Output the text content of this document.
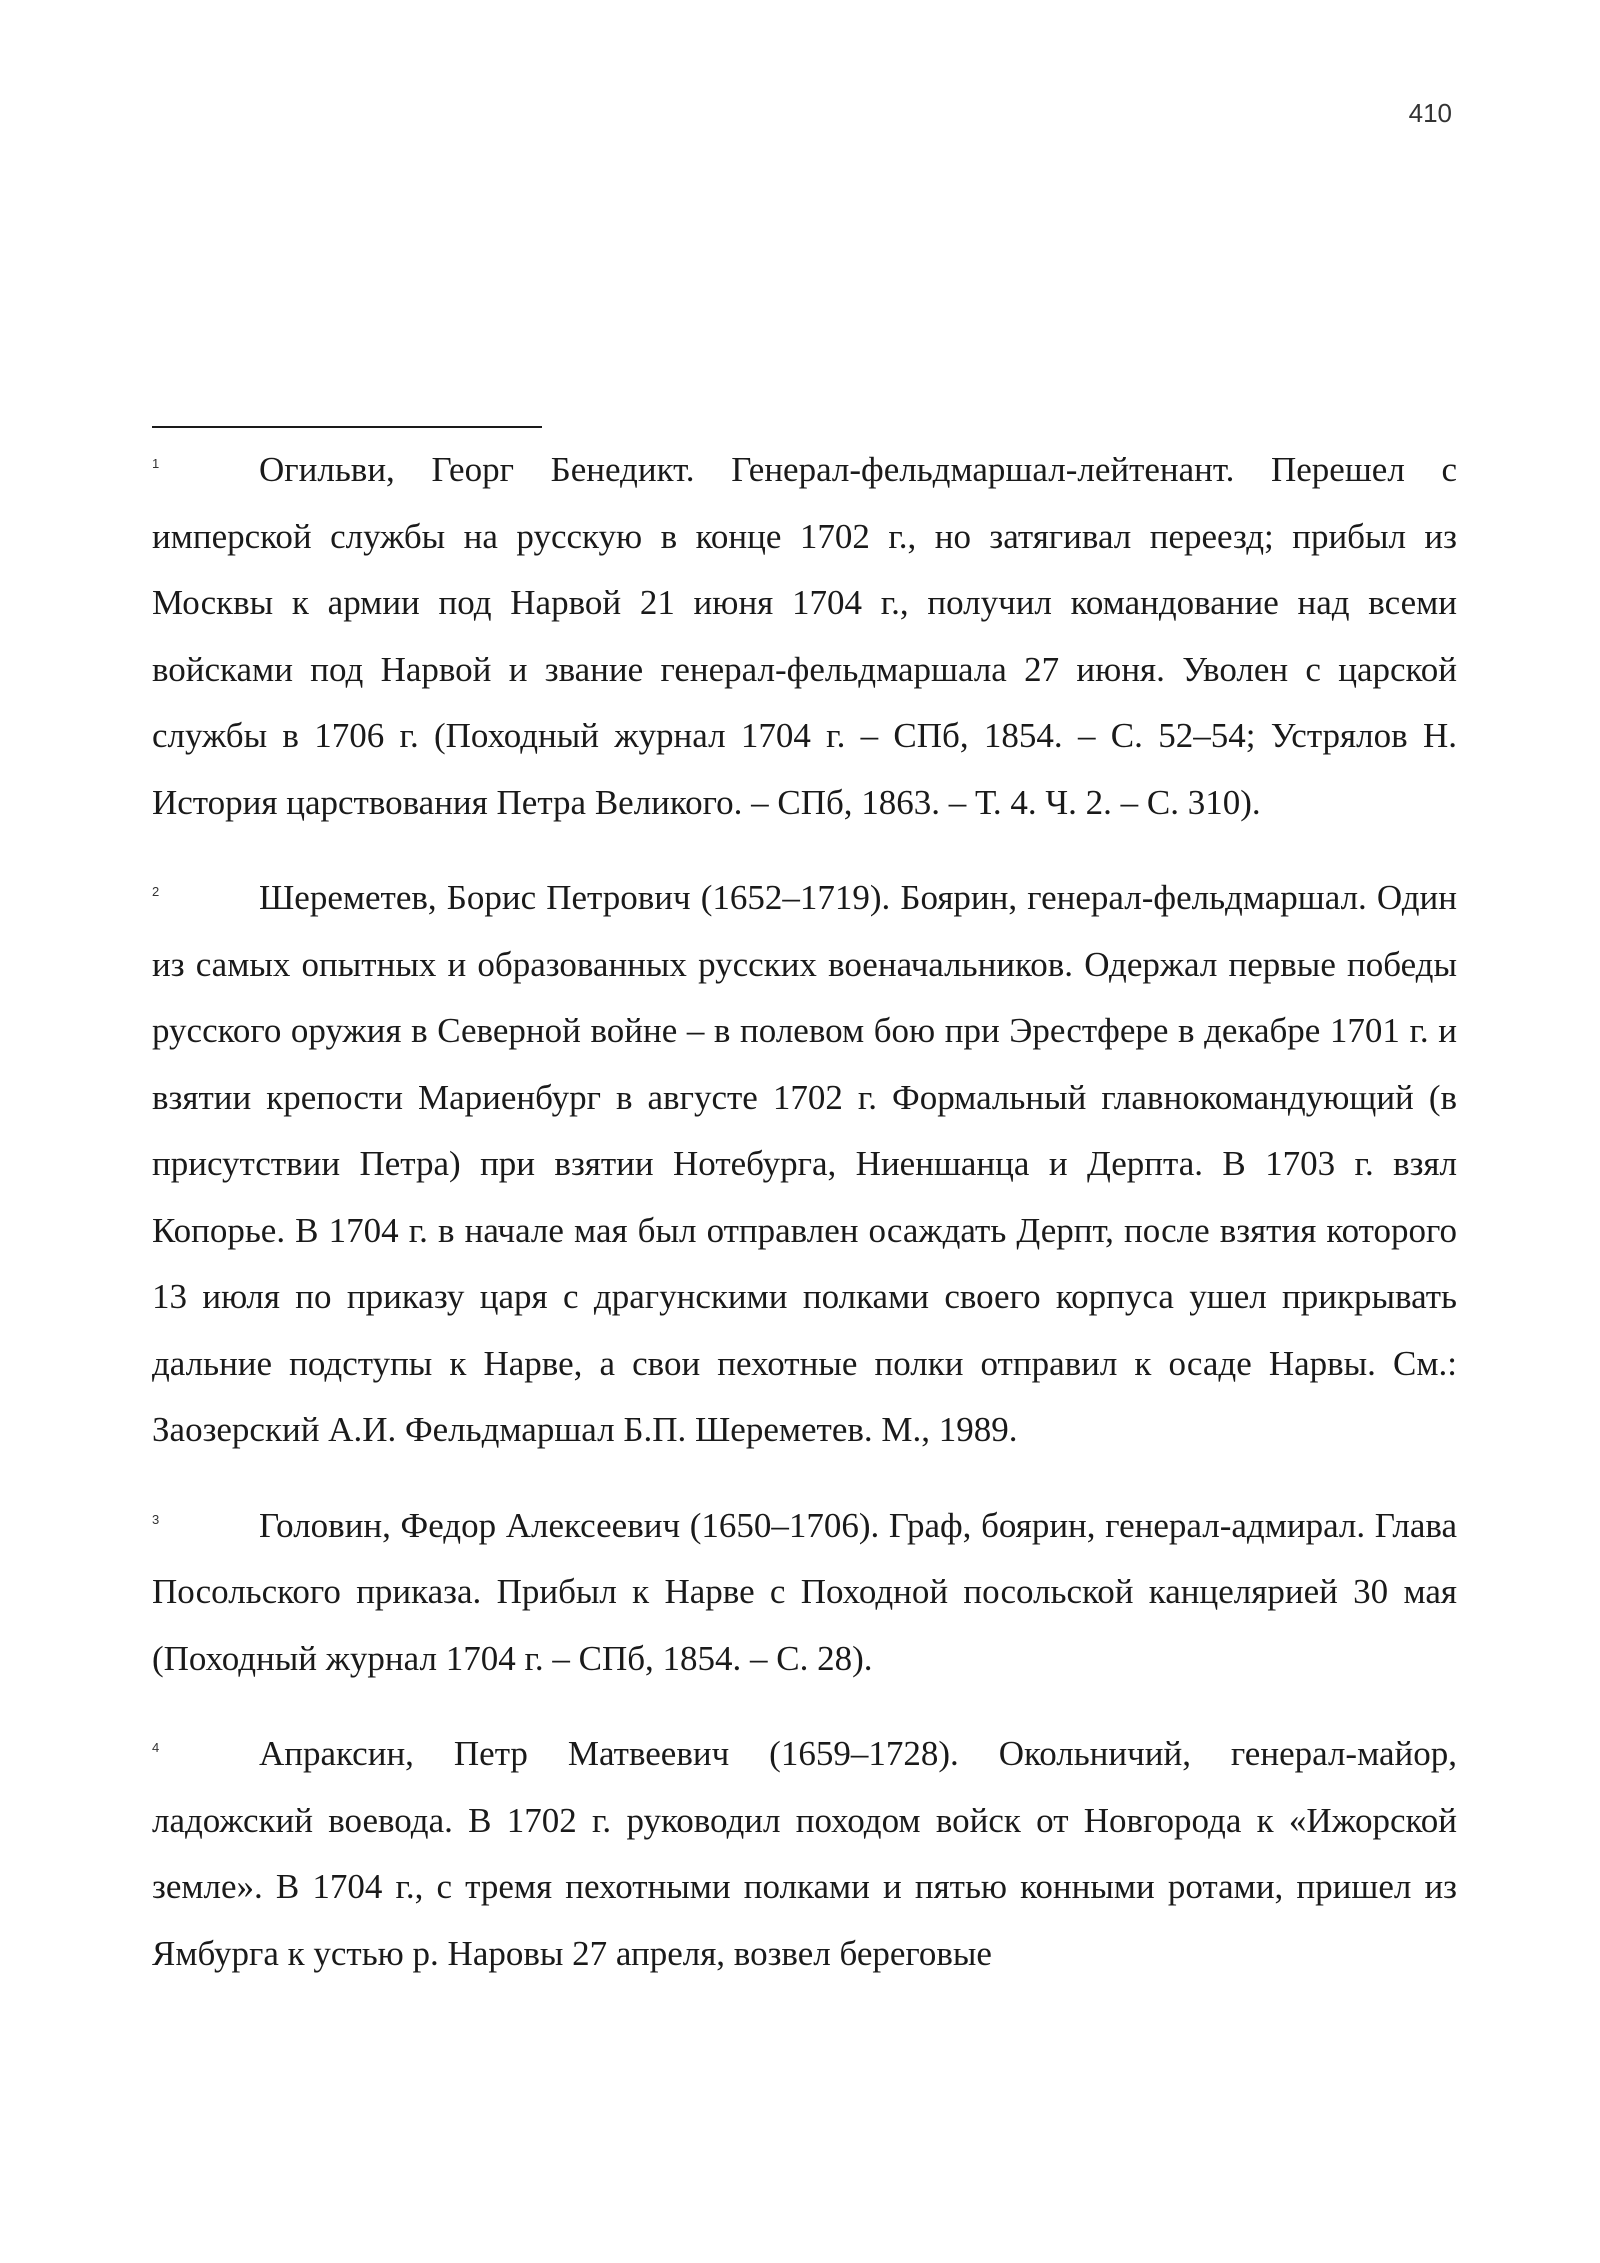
410

1	Огильви, Георг Бенедикт. Генерал-фельдмаршал-лейтенант. Перешел с имперской службы на русскую в конце 1702 г., но затягивал переезд; прибыл из Москвы к армии под Нарвой 21 июня 1704 г., получил командование над всеми войсками под Нарвой и звание генерал-фельдмаршала 27 июня. Уволен с царской службы в 1706 г. (Походный журнал 1704 г. – СПб, 1854. – С. 52–54; Устрялов Н. История царствования Петра Великого. – СПб, 1863. – Т. 4. Ч. 2. – С. 310).

2	Шереметев, Борис Петрович (1652–1719). Боярин, генерал-фельдмаршал. Один из самых опытных и образованных русских военачальников. Одержал первые победы русского оружия в Северной войне – в полевом бою при Эрестфере в декабре 1701 г. и взятии крепости Мариенбург в августе 1702 г. Формальный главнокомандующий (в присутствии Петра) при взятии Нотебурга, Ниеншанца и Дерпта. В 1703 г. взял Копорье. В 1704 г. в начале мая был отправлен осаждать Дерпт, после взятия которого 13 июля по приказу царя с драгунскими полками своего корпуса ушел прикрывать дальние подступы к Нарве, а свои пехотные полки отправил к осаде Нарвы. См.: Заозерский А.И. Фельдмаршал Б.П. Шереметев. М., 1989.

3	Головин, Федор Алексеевич (1650–1706). Граф, боярин, генерал-адмирал. Глава Посольского приказа. Прибыл к Нарве с Походной посольской канцелярией 30 мая (Походный журнал 1704 г. – СПб, 1854. – С. 28).

4	Апраксин, Петр Матвеевич (1659–1728). Окольничий, генерал-майор, ладожский воевода. В 1702 г. руководил походом войск от Новгорода к «Ижорской земле». В 1704 г., с тремя пехотными полками и пятью конными ротами, пришел из Ямбурга к устью р. Наровы 27 апреля, возвел береговые
